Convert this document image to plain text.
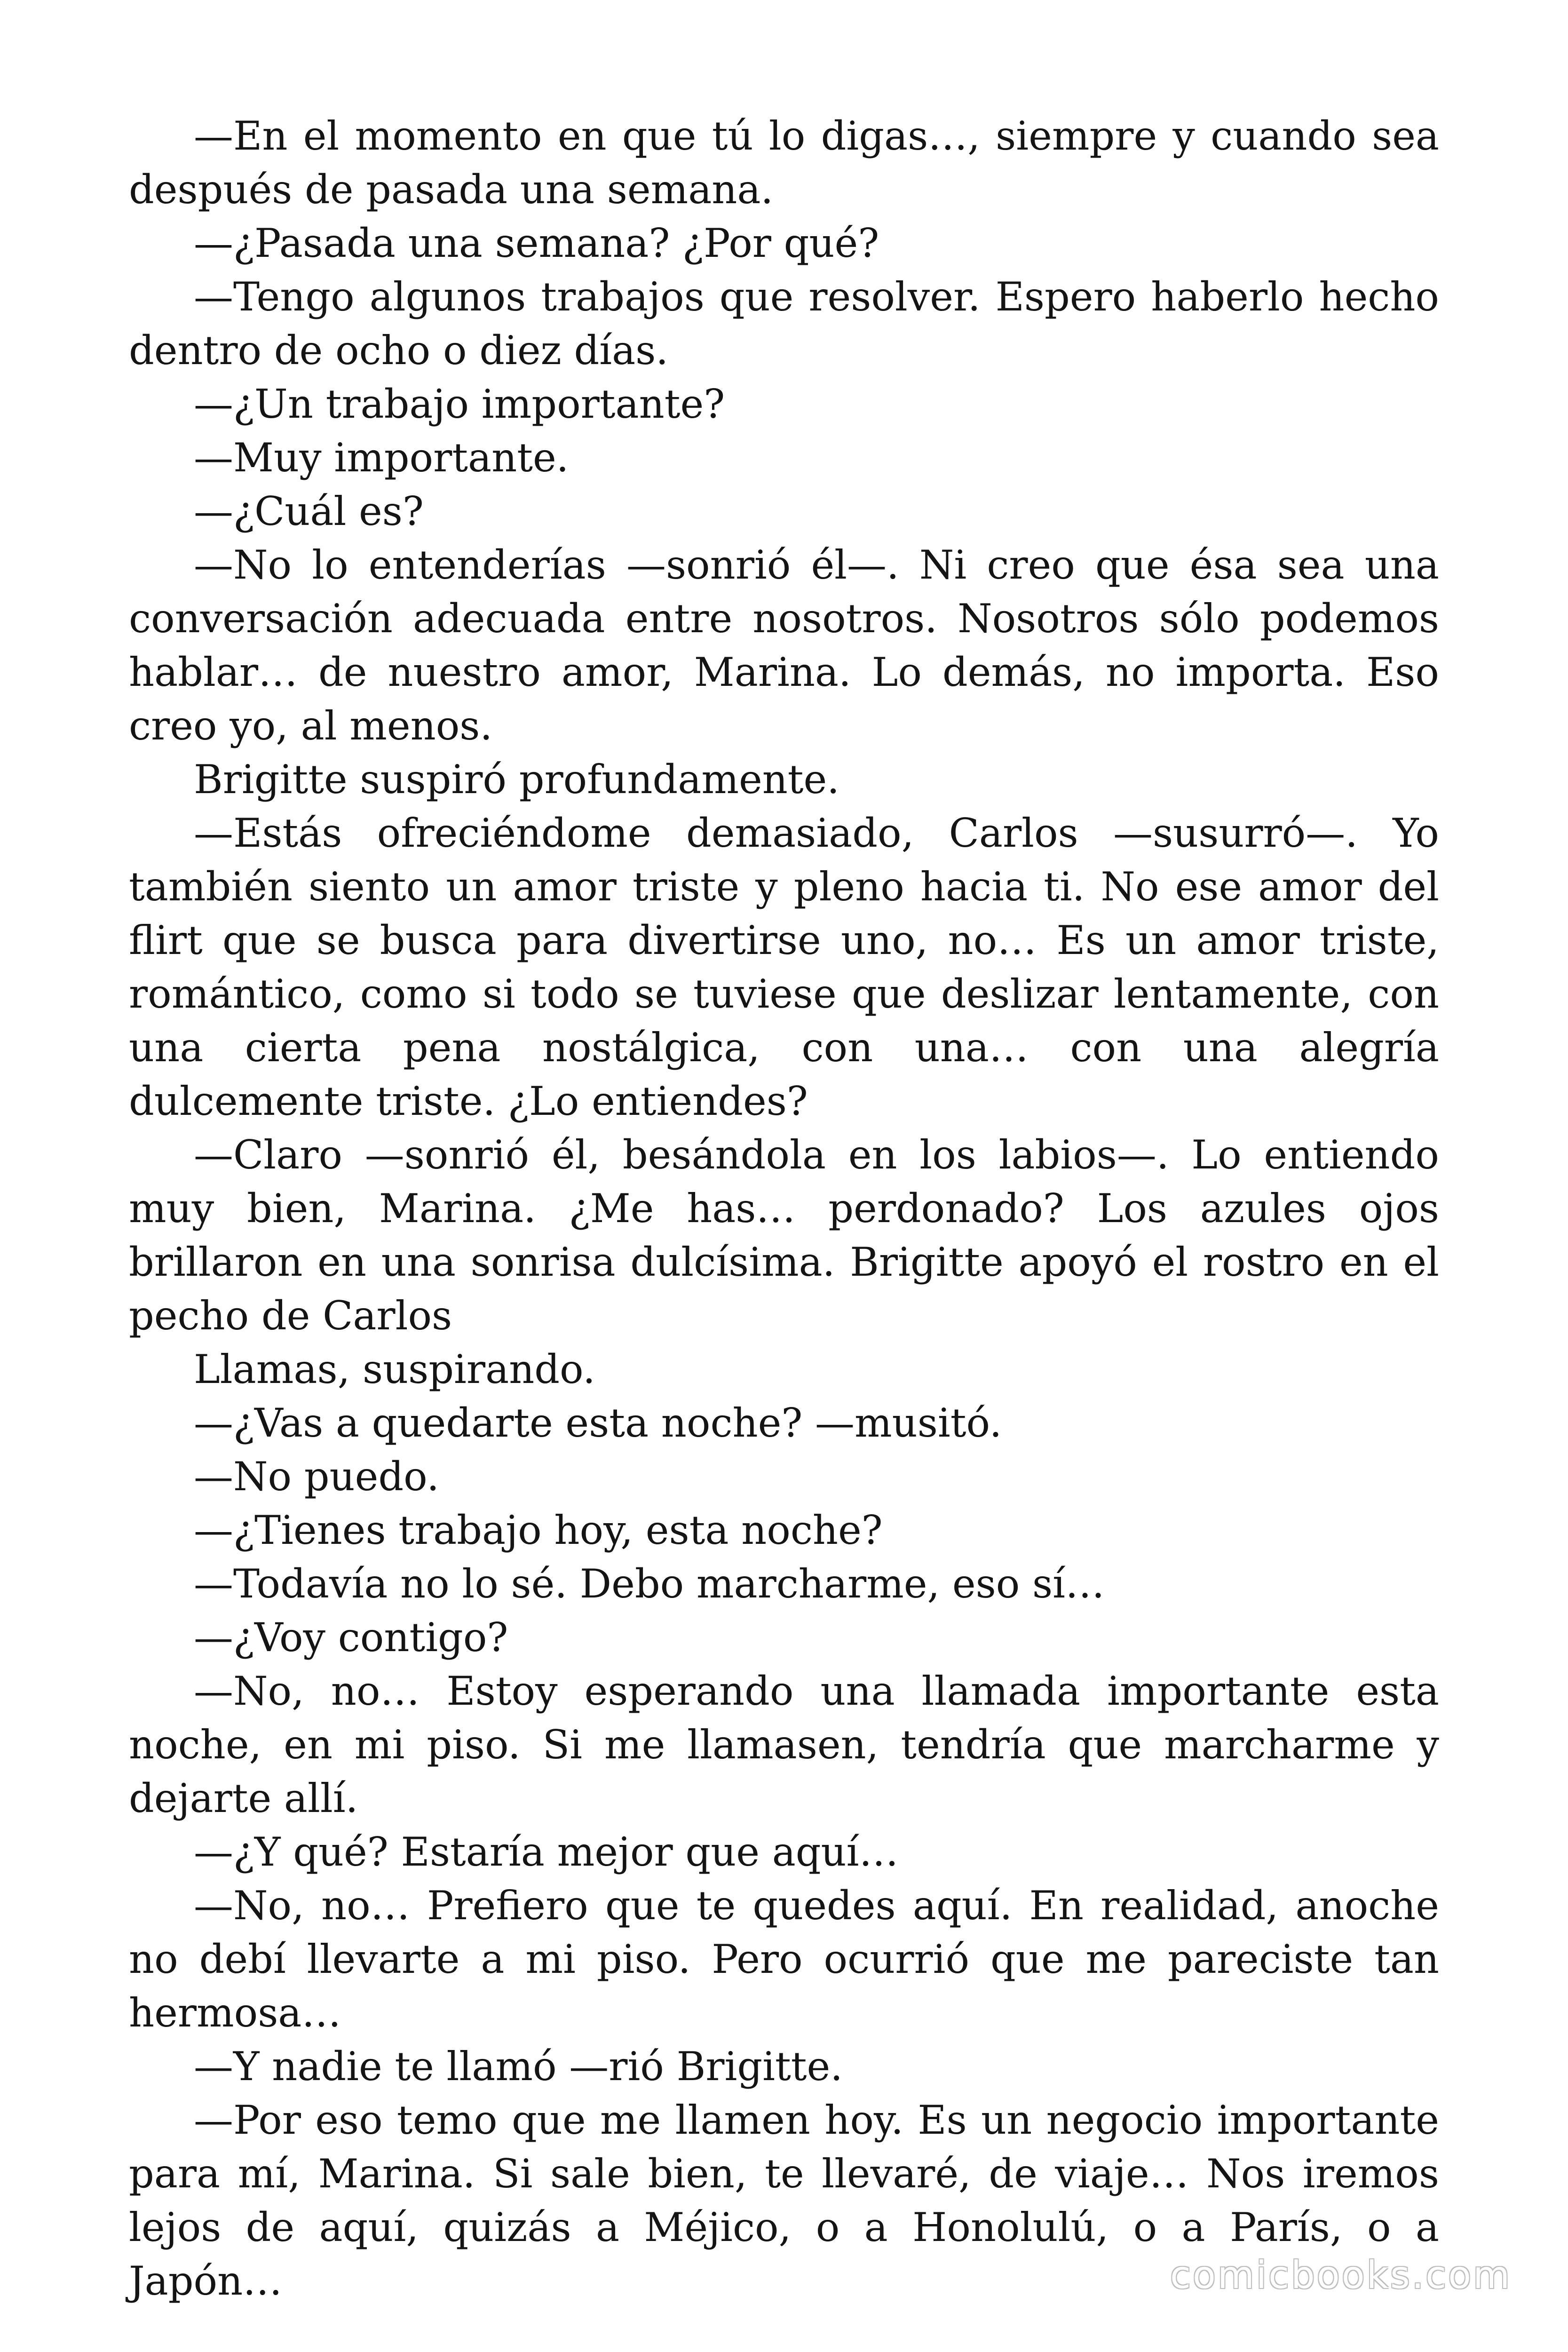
—En el momento en que tú lo digas…, siempre y cuando sea después de pasada una semana.

—¿Pasada una semana? ¿Por qué?

—Tengo algunos trabajos que resolver. Espero haberlo hecho dentro de ocho o diez días.

—¿Un trabajo importante?

—Muy importante.

—¿Cuál es?

—No lo entenderías —sonrió él—. Ni creo que ésa sea una conversación adecuada entre nosotros. Nosotros sólo podemos hablar… de nuestro amor, Marina. Lo demás, no importa. Eso creo yo, al menos.

Brigitte suspiró profundamente.

—Estás ofreciéndome demasiado, Carlos —susurró—. Yo también siento un amor triste y pleno hacia ti. No ese amor del flirt que se busca para divertirse uno, no… Es un amor triste, romántico, como si todo se tuviese que deslizar lentamente, con una cierta pena nostálgica, con una… con una alegría dulcemente triste. ¿Lo entiendes?

—Claro —sonrió él, besándola en los labios—. Lo entiendo muy bien, Marina. ¿Me has… perdonado? Los azules ojos brillaron en una sonrisa dulcísima. Brigitte apoyó el rostro en el pecho de Carlos

Llamas, suspirando.

—¿Vas a quedarte esta noche? —musitó.

—No puedo.

—¿Tienes trabajo hoy, esta noche?

—Todavía no lo sé. Debo marcharme, eso sí…

—¿Voy contigo?

—No, no… Estoy esperando una llamada importante esta noche, en mi piso. Si me llamasen, tendría que marcharme y dejarte allí.

—¿Y qué? Estaría mejor que aquí…

—No, no… Prefiero que te quedes aquí. En realidad, anoche no debí llevarte a mi piso. Pero ocurrió que me pareciste tan hermosa…

—Y nadie te llamó —rió Brigitte.

—Por eso temo que me llamen hoy. Es un negocio importante para mí, Marina. Si sale bien, te llevaré, de viaje… Nos iremos lejos de aquí, quizás a Méjico, o a Honolulú, o a París, o a Japón…	comicbooks.com
